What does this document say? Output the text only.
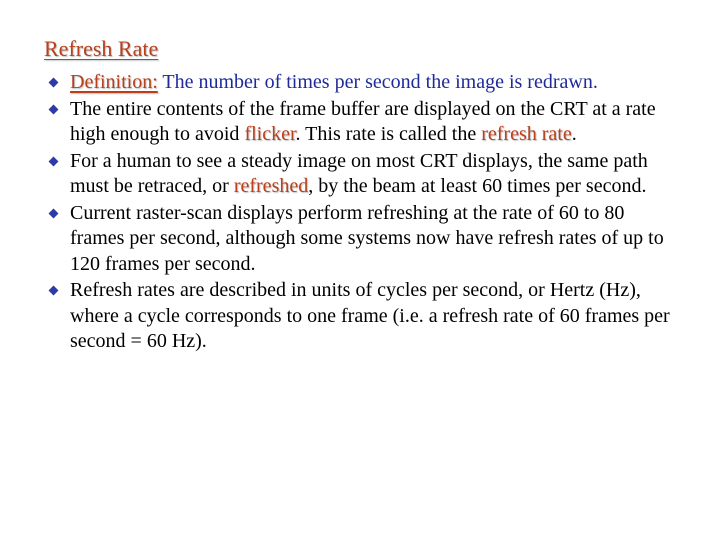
Refresh Rate
Definition: The number of times per second the image is redrawn.
The entire contents of the frame buffer are displayed on the CRT at a rate high enough to avoid flicker. This rate is called the refresh rate.
For a human to see a steady image on most CRT displays, the same path must be retraced, or refreshed, by the beam at least 60 times per second.
Current raster-scan displays perform refreshing at the rate of 60 to 80 frames per second, although some systems now have refresh rates of up to 120 frames per second.
Refresh rates are described in units of cycles per second, or Hertz (Hz), where a cycle corresponds to one frame (i.e. a refresh rate of 60 frames per second = 60 Hz).
